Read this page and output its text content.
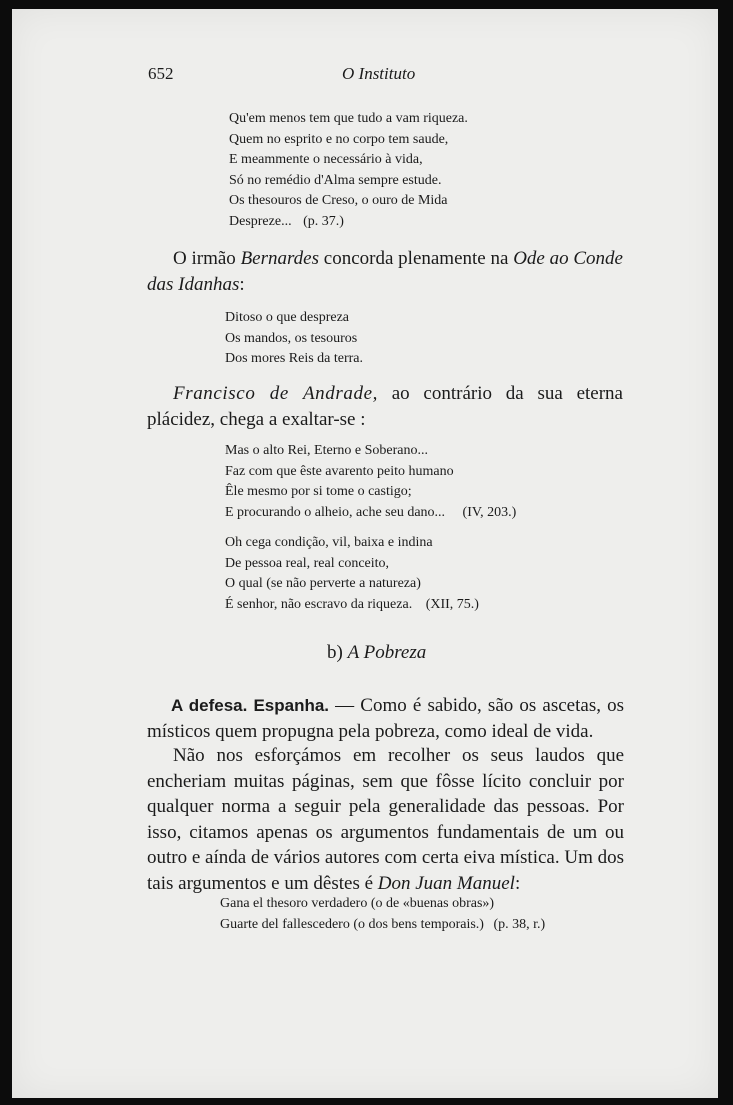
652	O Instituto
Qu'em menos tem que tudo a vam riqueza.
Quem no esprito e no corpo tem saude,
E meammente o necessário à vida,
Só no remédio d'Alma sempre estude.
Os thesouros de Creso, o ouro de Mida
Despreze... (p. 37.)

O irmão Bernardes concorda plenamente na Ode ao Conde das Idanhas:

Ditoso o que despreza
Os mandos, os tesouros
Dos mores Reis da terra.

Francisco de Andrade, ao contrário da sua eterna plácidez, chega a exaltar-se :

Mas o alto Rei, Eterno e Soberano...
Faz com que êste avarento peito humano
Êle mesmo por si tome o castigo;
E procurando o alheio, ache seu dano... (IV, 203.)
Oh cega condição, vil, baixa e indina
De pessoa real, real conceito,
O qual (se não perverte a natureza)
É senhor, não escravo da riqueza. (XII, 75.)
b) A Pobreza

A defesa. Espanha. — Como é sabido, são os ascetas, os místicos quem propugna pela pobreza, como ideal de vida.

Não nos esforçámos em recolher os seus laudos que encheriam muitas páginas, sem que fôsse lícito concluir por qualquer norma a seguir pela generalidade das pessoas. Por isso, citamos apenas os argumentos fundamentais de um ou outro e aínda de vários autores com certa eiva mística. Um dos tais argumentos e um dêstes é Don Juan Manuel:

Gana el thesoro verdadero (o de «buenas obras»)
Guarte del fallescedero (o dos bens temporais.) (p. 38, r.)
